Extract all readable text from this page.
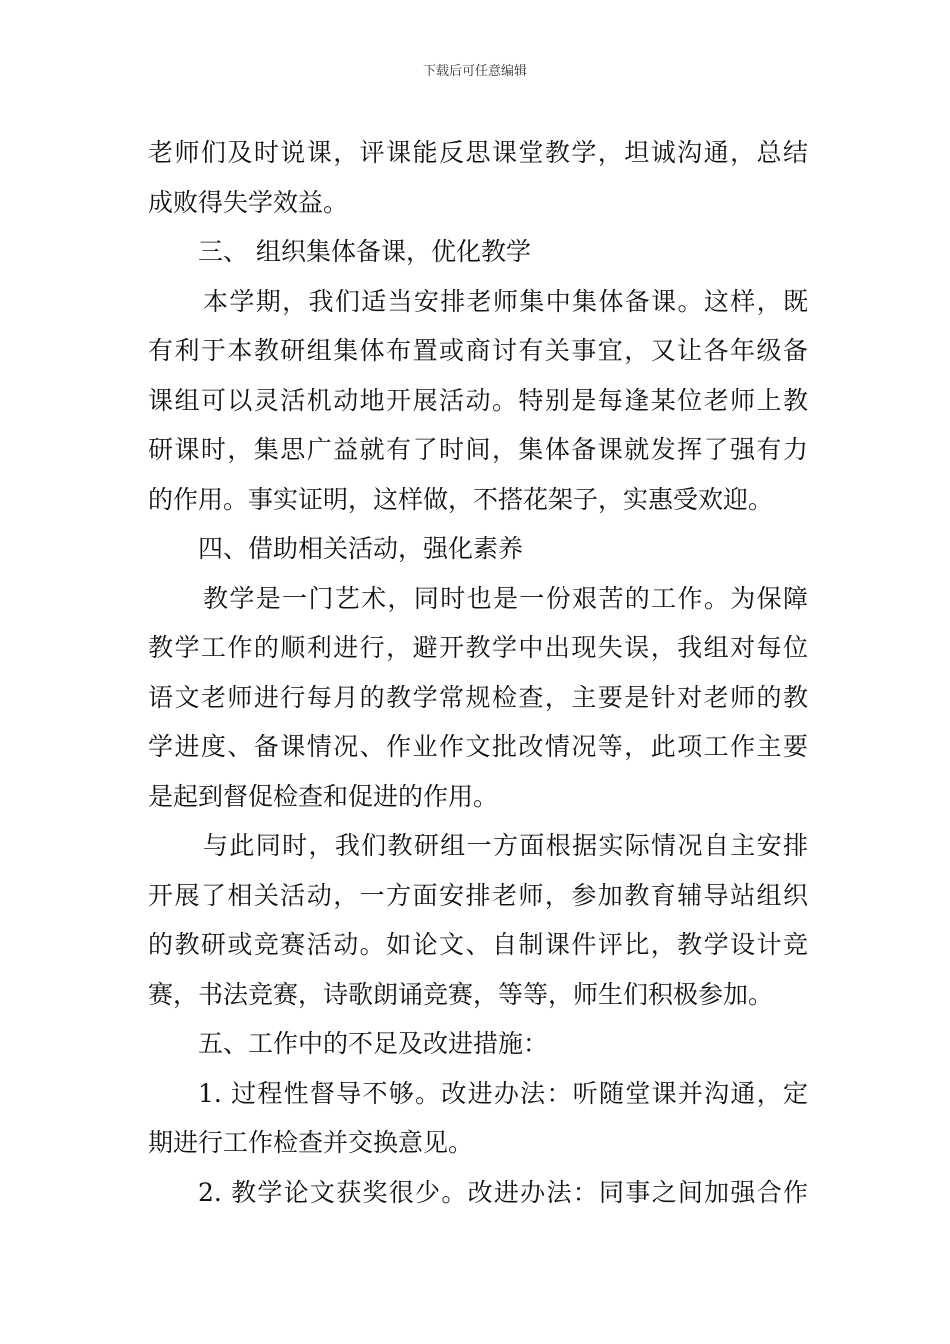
下载后可任意编辑
老师们及时说课，评课能反思课堂教学，坦诚沟通，总结
成败得失学效益。
三、 组织集体备课，优化教学
本学期，我们适当安排老师集中集体备课。这样，既
有利于本教研组集体布置或商讨有关事宜，又让各年级备
课组可以灵活机动地开展活动。特别是每逢某位老师上教
研课时，集思广益就有了时间，集体备课就发挥了强有力
的作用。事实证明，这样做，不搭花架子，实惠受欢迎。
四、借助相关活动，强化素养
教学是一门艺术，同时也是一份艰苦的工作。为保障
教学工作的顺利进行，避开教学中出现失误，我组对每位
语文老师进行每月的教学常规检查，主要是针对老师的教
学进度、备课情况、作业作文批改情况等，此项工作主要
是起到督促检查和促进的作用。
与此同时，我们教研组一方面根据实际情况自主安排
开展了相关活动，一方面安排老师，参加教育辅导站组织
的教研或竞赛活动。如论文、自制课件评比，教学设计竞
赛，书法竞赛，诗歌朗诵竞赛，等等，师生们积极参加。
五、工作中的不足及改进措施：
1. 过程性督导不够。改进办法：听随堂课并沟通，定
期进行工作检查并交换意见。
2. 教学论文获奖很少。改进办法：同事之间加强合作
